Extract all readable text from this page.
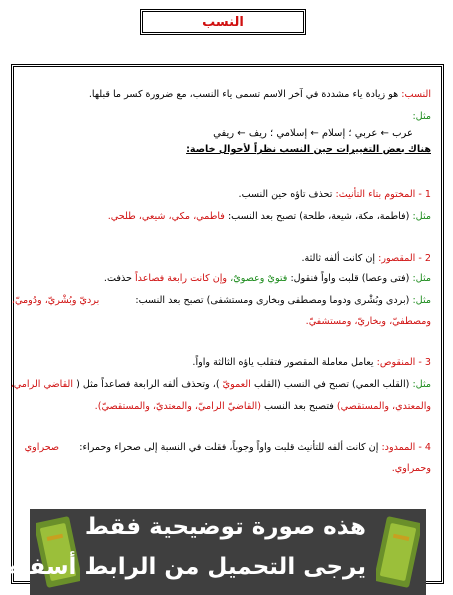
النسب
النسب: هو زيادة ياء مشددة في آخر الاسم تسمى ياء النسب، مع ضرورة كسر ما قبلها.
مثل:
عرب ← عربي ؛ إسلام ← إسلامي ؛ ريف ← ريفي
هناك بعض التغييرات حين النسب نظراً لأحوال خاصة:
1 - المختوم بتاء التأنيث: تحذف تاؤه حين النسب.
مثل: (فاطمة، مكة، شيعة، طلحة) تصبح بعد النسب: فاطمي، مكي، شيعي، طلحي.
2 - المقصور: إن كانت ألفه ثالثة.
مثل: (فتى وعصا) قلبت واواً فنقول: فتويٌ وعصويٌ، وإن كانت رابعة فصاعداً حذفت.
مثل: (بردى وبُشْرى ودوما ومصطفى وبخارى ومستشفى) تصبح بعد النسب:  برديّ وبُشْريّ، ودُوميّ،
ومصطفيّ، وبخاريّ، ومستشفيّ.
3 - المنقوص: يعامل معاملة المقصور فتقلب ياؤه الثالثة واواً.
مثل: (القلب العمي) تصبح في النسب (القلب العمويّ )، وتحذف ألفه الرابعة فصاعداً مثل ( القاضي الرامي،
والمعتدي، والمستقصي) فتصبح بعد النسب (القاضيّ الراميّ، والمعتديّ، والمستقصيّ).
4 - الممدود: إن كانت ألفه للتأنيث قلبت واواً وجوباً، فقلت في النسبة إلى صحراء وحمراء:  صحراوي
وحمراوي.
هذه صورة توضيحية فقط
يرجى التحميل من الرابط أسفله
